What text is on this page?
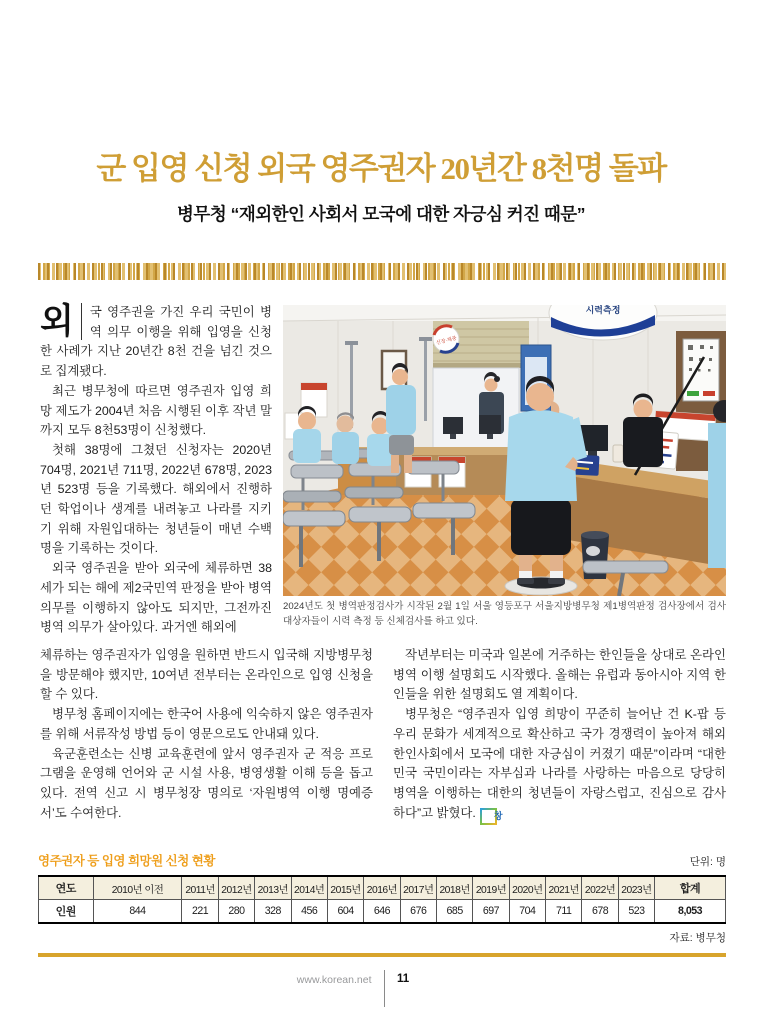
군 입영 신청 외국 영주권자 20년간 8천명 돌파
병무청 “재외한인 사회서 모국에 대한 자긍심 커진 때문”

외	국 영주권을 가진 우리 국민이 병역 의무 이행을 위해 입영을 신청한 사례가 지난 20년간 8천 건을 넘긴 것으로 집계됐다.

최근 병무청에 따르면 영주권자 입영 희망 제도가 2004년 처음 시행된 이후 작년 말까지 모두 8천53명이 신청했다.

첫해 38명에 그쳤던 신청자는 2020년 704명, 2021년 711명, 2022년 678명, 2023년 523명 등을 기록했다. 해외에서 진행하던 학업이나 생계를 내려놓고 나라를 지키기 위해 자원입대하는 청년들이 매년 수백 명을 기록하는 것이다.

외국 영주권을 받아 외국에 체류하면 38세가 되는 해에 제2국민역 판정을 받아 병역 의무를 이행하지 않아도 되지만, 그전까진 병역 의무가 살아있다. 과거엔 해외에

신장·체중
시력측정
2024년도 첫 병역판정검사가 시작된 2월 1일 서울 영등포구 서울지방병무청 제1병역판정 검사장에서 검사 대상자들이 시력 측정 등 신체검사를 하고 있다.

체류하는 영주권자가 입영을 원하면 반드시 입국해 지방병무청을 방문해야 했지만, 10여년 전부터는 온라인으로 입영 신청을 할 수 있다.

병무청 홈페이지에는 한국어 사용에 익숙하지 않은 영주권자를 위해 서류작성 방법 등이 영문으로도 안내돼 있다.

육군훈련소는 신병 교육훈련에 앞서 영주권자 군 적응 프로그램을 운영해 언어와 군 시설 사용, 병영생활 이해 등을 돕고 있다. 전역 신고 시 병무청장 명의로 ‘자원병역 이행 명예증서’도 수여한다.

작년부터는 미국과 일본에 거주하는 한인들을 상대로 온라인 병역 이행 설명회도 시작했다. 올해는 유럽과 동아시아 지역 한인들을 위한 설명회도 열 계획이다.

병무청은 “영주권자 입영 희망이 꾸준히 늘어난 건 K-팝 등 우리 문화가 세계적으로 확산하고 국가 경쟁력이 높아져 해외 한인사회에서 모국에 대한 자긍심이 커졌기 때문”이라며 “대한민국 국민이라는 자부심과 나라를 사랑하는 마음으로 당당히 병역을 이행하는 대한의 청년들이 자랑스럽고, 진심으로 감사하다”고 밝혔다. 창

영주권자 등 입영 희망원 신청 현황	단위: 명
연도	2010년 이전	2011년	2012년	2013년	2014년	2015년	2016년	2017년	2018년	2019년	2020년	2021년	2022년	2023년	합계
인원	844	221	280	328	456	604	646	676	685	697	704	711	678	523	8,053
자료: 병무청
www.korean.net 11
